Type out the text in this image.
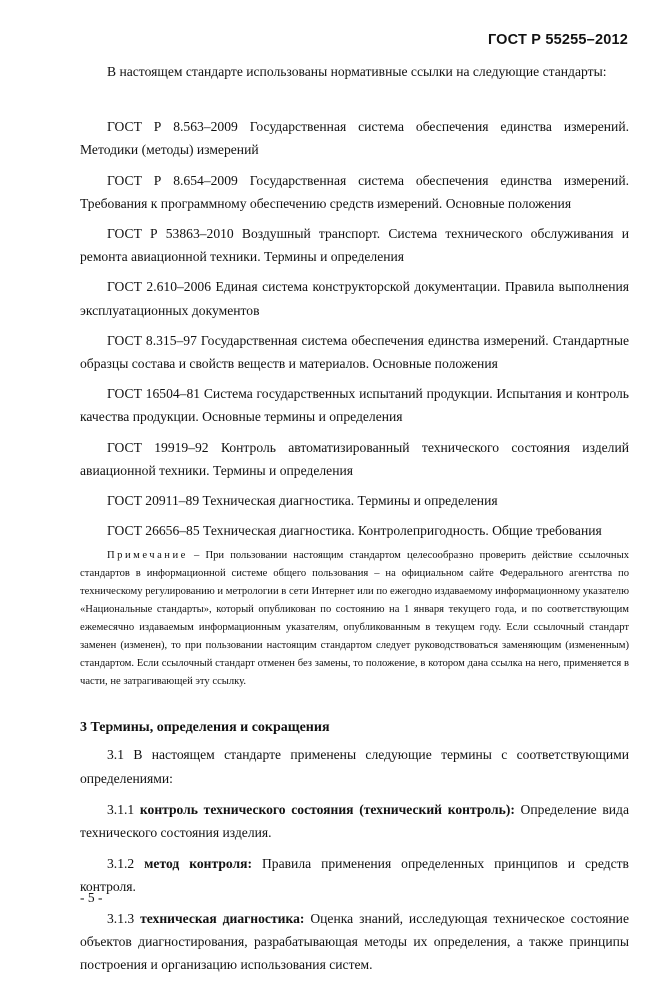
ГОСТ Р 55255–2012

В настоящем стандарте использованы нормативные ссылки на следующие стандарты:

ГОСТ Р 8.563–2009 Государственная система обеспечения единства измерений. Методики (методы) измерений

ГОСТ Р 8.654–2009 Государственная система обеспечения единства измерений. Требования к программному обеспечению средств измерений. Основные положения

ГОСТ Р 53863–2010 Воздушный транспорт. Система технического обслуживания и ремонта авиационной техники. Термины и определения

ГОСТ 2.610–2006 Единая система конструкторской документации. Правила выполнения эксплуатационных документов

ГОСТ 8.315–97 Государственная система обеспечения единства измерений. Стандартные образцы состава и свойств веществ и материалов. Основные положения

ГОСТ 16504–81 Система государственных испытаний продукции. Испытания и контроль качества продукции. Основные термины и определения

ГОСТ 19919–92 Контроль автоматизированный технического состояния изделий авиационной техники. Термины и определения

ГОСТ 20911–89 Техническая диагностика. Термины и определения

ГОСТ 26656–85 Техническая диагностика. Контролепригодность. Общие требования

Примечание – При пользовании настоящим стандартом целесообразно проверить действие ссылочных стандартов в информационной системе общего пользования – на официальном сайте Федерального агентства по техническому регулированию и метрологии в сети Интернет или по ежегодно издаваемому информационному указателю «Национальные стандарты», который опубликован по состоянию на 1 января текущего года, и по соответствующим ежемесячно издаваемым информационным указателям, опубликованным в текущем году. Если ссылочный стандарт заменен (изменен), то при пользовании настоящим стандартом следует руководствоваться заменяющим (измененным) стандартом. Если ссылочный стандарт отменен без замены, то положение, в котором дана ссылка на него, применяется в части, не затрагивающей эту ссылку.

3 Термины, определения и сокращения

3.1 В настоящем стандарте применены следующие термины с соответствующими определениями:

3.1.1 контроль технического состояния (технический контроль): Определение вида технического состояния изделия.

3.1.2 метод контроля: Правила применения определенных принципов и средств контроля.

3.1.3 техническая диагностика: Оценка знаний, исследующая техническое состояние объектов диагностирования, разрабатывающая методы их определения, а также принципы построения и организацию использования систем.

- 5 -
